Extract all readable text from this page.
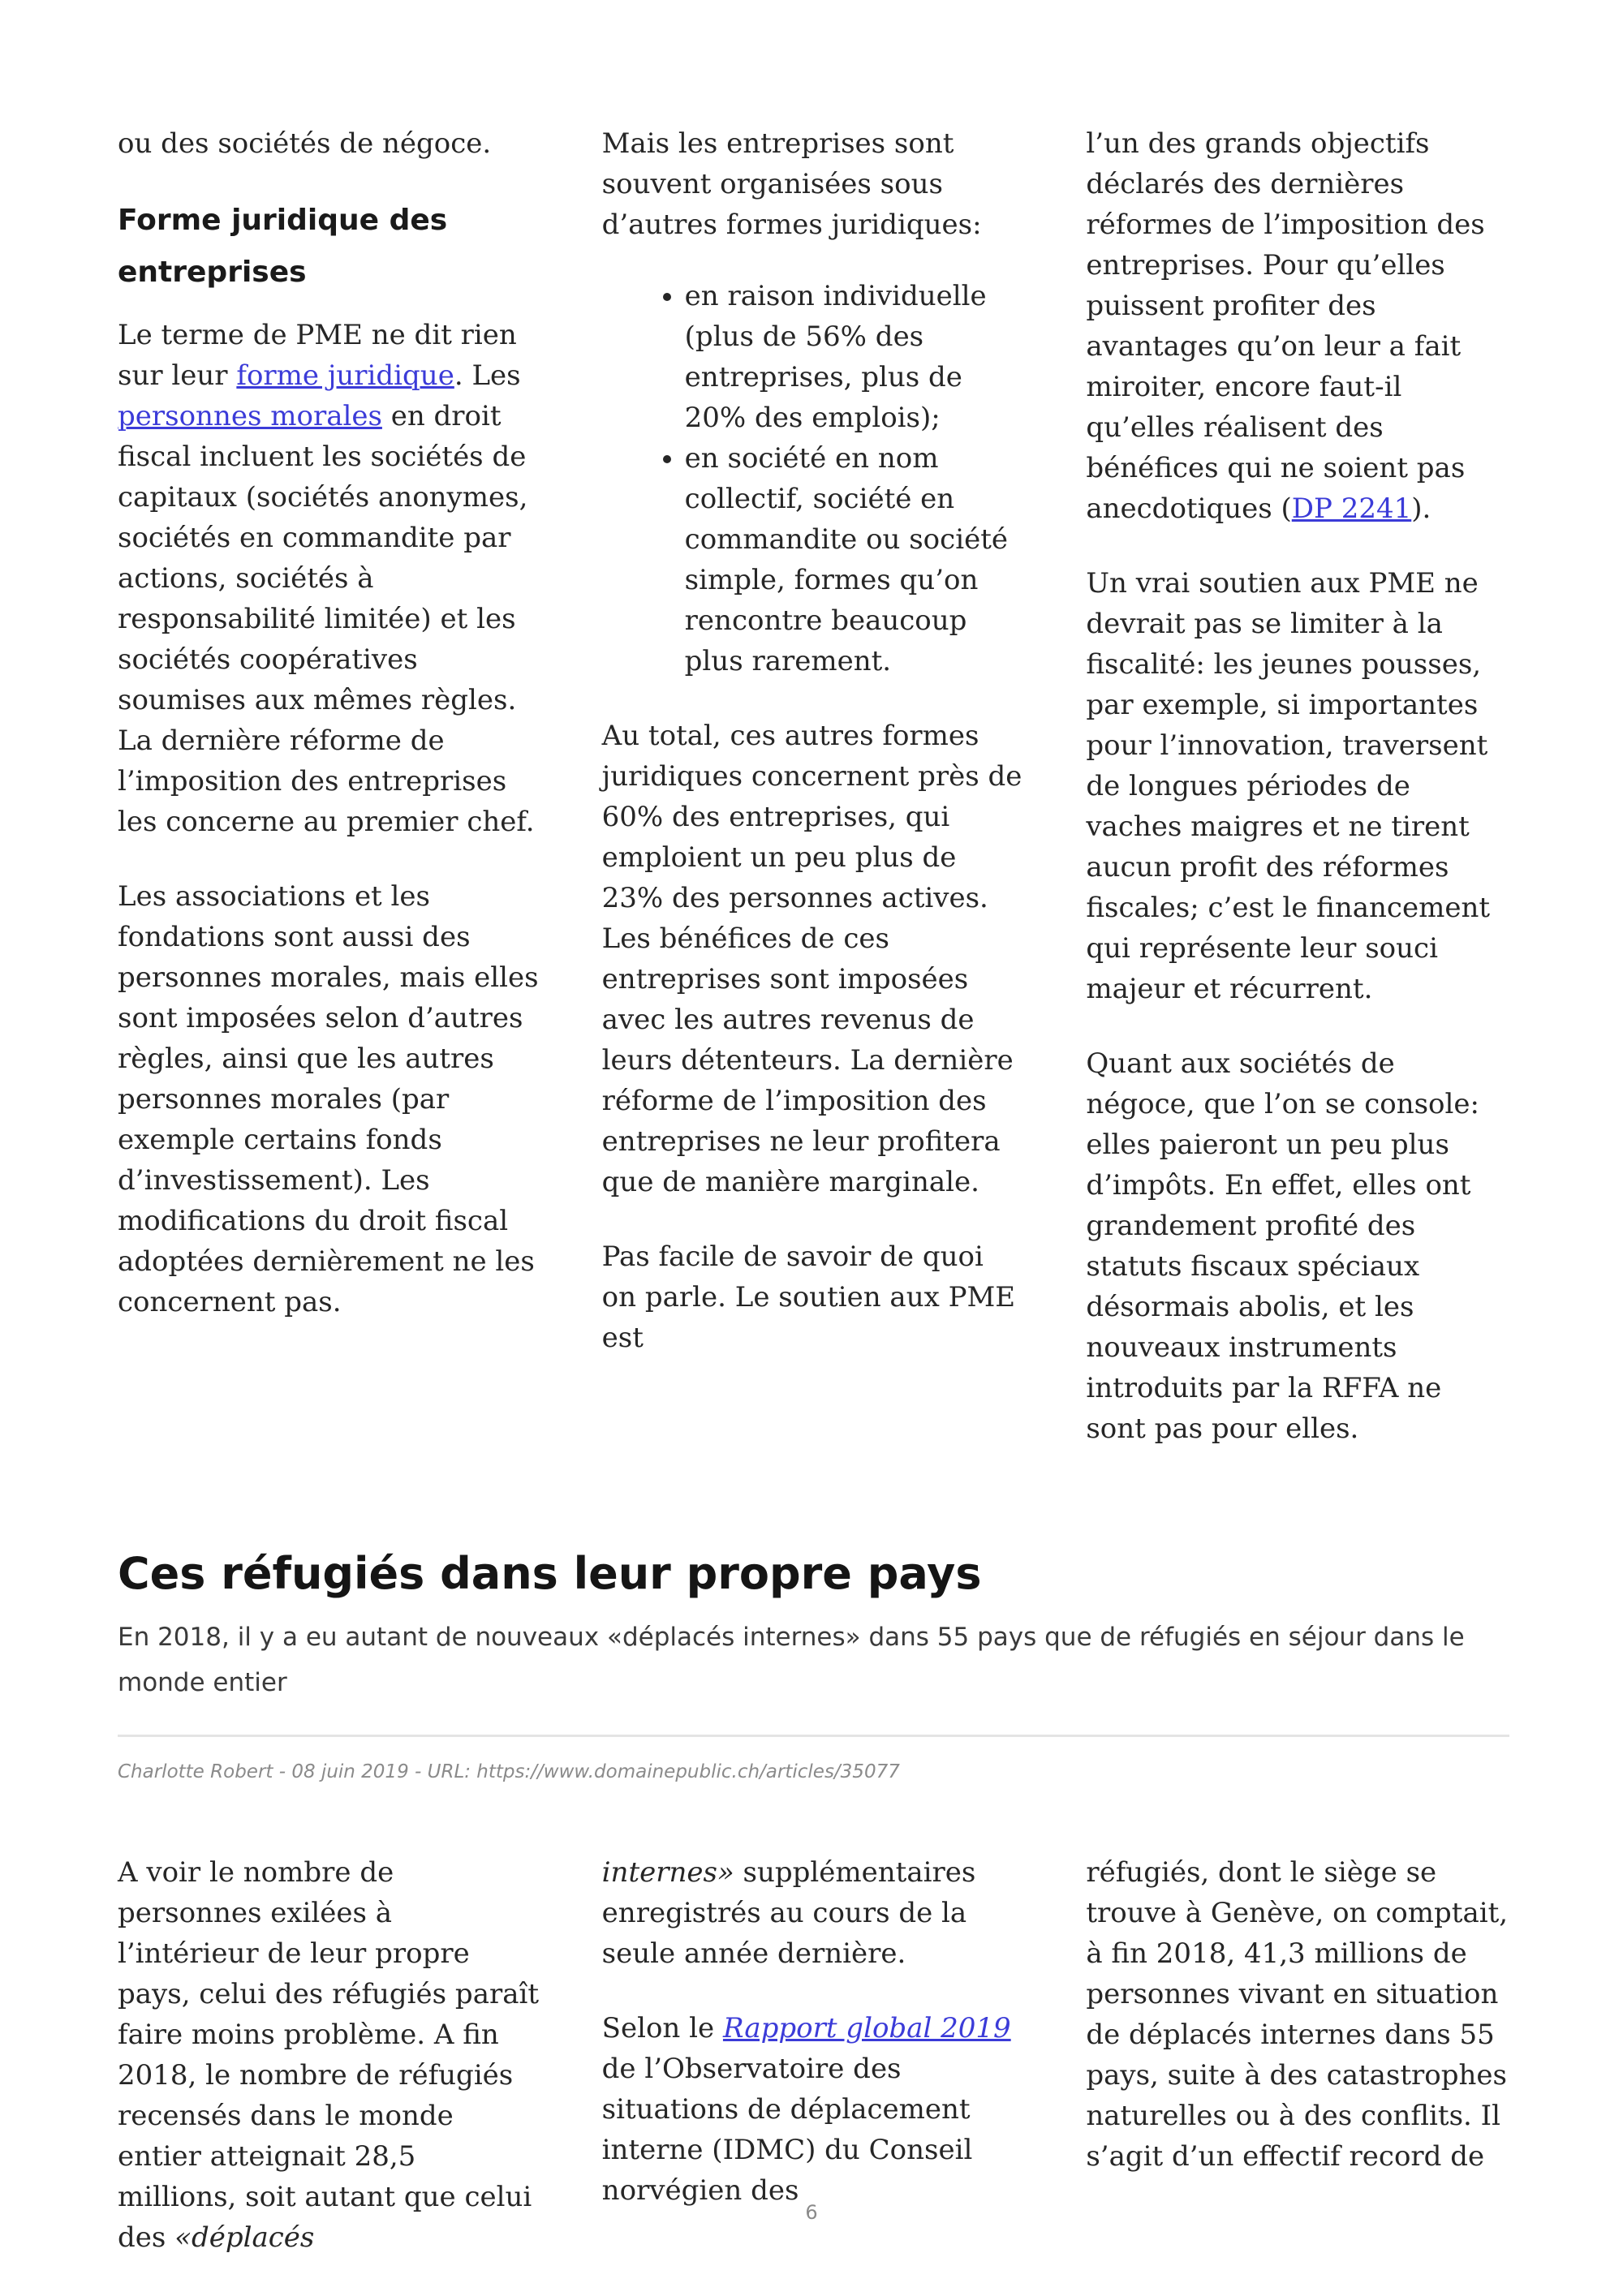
ou des sociétés de négoce.

Forme juridique des entreprises

Le terme de PME ne dit rien sur leur forme juridique. Les personnes morales en droit fiscal incluent les sociétés de capitaux (sociétés anonymes, sociétés en commandite par actions, sociétés à responsabilité limitée) et les sociétés coopératives soumises aux mêmes règles. La dernière réforme de l’imposition des entreprises les concerne au premier chef.

Les associations et les fondations sont aussi des personnes morales, mais elles sont imposées selon d’autres règles, ainsi que les autres personnes morales (par exemple certains fonds d’investissement). Les modifications du droit fiscal adoptées dernièrement ne les concernent pas.

Mais les entreprises sont souvent organisées sous d’autres formes juridiques:

• en raison individuelle (plus de 56% des entreprises, plus de 20% des emplois);
• en société en nom collectif, société en commandite ou société simple, formes qu’on rencontre beaucoup plus rarement.

Au total, ces autres formes juridiques concernent près de 60% des entreprises, qui emploient un peu plus de 23% des personnes actives. Les bénéfices de ces entreprises sont imposées avec les autres revenus de leurs détenteurs. La dernière réforme de l’imposition des entreprises ne leur profitera que de manière marginale.

Pas facile de savoir de quoi on parle. Le soutien aux PME est

l’un des grands objectifs déclarés des dernières réformes de l’imposition des entreprises. Pour qu’elles puissent profiter des avantages qu’on leur a fait miroiter, encore faut-il qu’elles réalisent des bénéfices qui ne soient pas anecdotiques (DP 2241).

Un vrai soutien aux PME ne devrait pas se limiter à la fiscalité: les jeunes pousses, par exemple, si importantes pour l’innovation, traversent de longues périodes de vaches maigres et ne tirent aucun profit des réformes fiscales; c’est le financement qui représente leur souci majeur et récurrent.

Quant aux sociétés de négoce, que l’on se console: elles paieront un peu plus d’impôts. En effet, elles ont grandement profité des statuts fiscaux spéciaux désormais abolis, et les nouveaux instruments introduits par la RFFA ne sont pas pour elles.

Ces réfugiés dans leur propre pays

En 2018, il y a eu autant de nouveaux «déplacés internes» dans 55 pays que de réfugiés en séjour dans le monde entier

Charlotte Robert - 08 juin 2019 - URL: https://www.domainepublic.ch/articles/35077

A voir le nombre de personnes exilées à l’intérieur de leur propre pays, celui des réfugiés paraît faire moins problème. A fin 2018, le nombre de réfugiés recensés dans le monde entier atteignait 28,5 millions, soit autant que celui des «déplacés

internes» supplémentaires enregistrés au cours de la seule année dernière.

Selon le Rapport global 2019 de l’Observatoire des situations de déplacement interne (IDMC) du Conseil norvégien des

réfugiés, dont le siège se trouve à Genève, on comptait, à fin 2018, 41,3 millions de personnes vivant en situation de déplacés internes dans 55 pays, suite à des catastrophes naturelles ou à des conflits. Il s’agit d’un effectif record de

6
